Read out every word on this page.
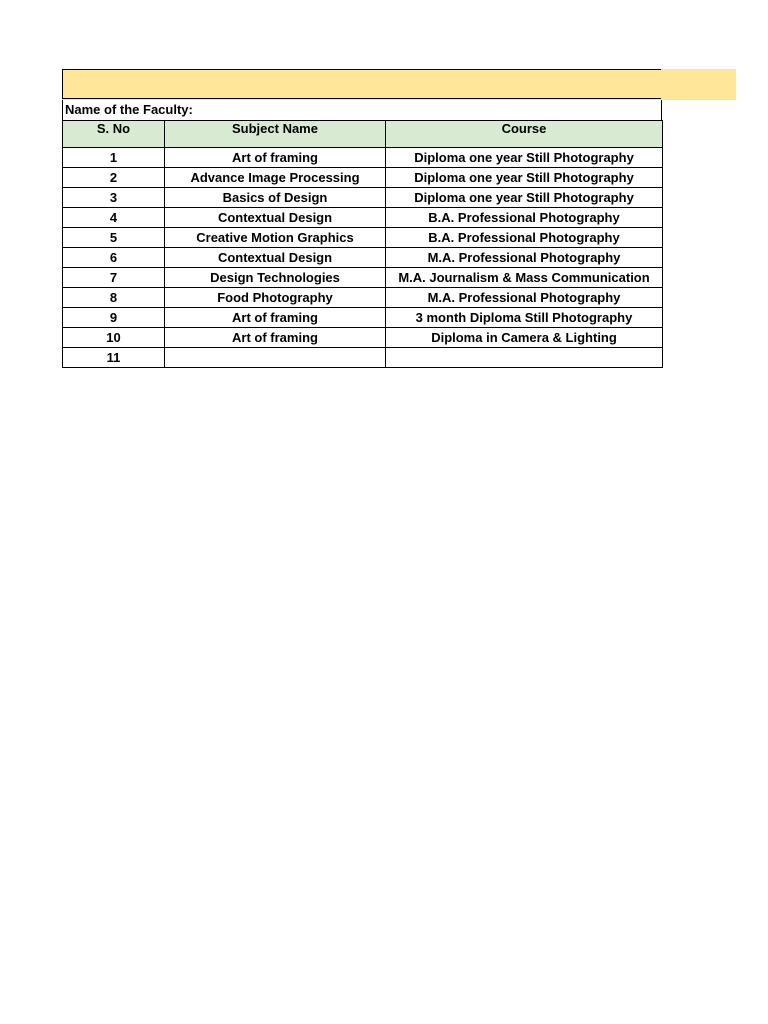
Name of the Faculty:
S. No	Subject Name	Course
1	Art of framing	Diploma one year Still Photography
2	Advance Image Processing	Diploma one year Still Photography
3	Basics of Design	Diploma one year Still Photography
4	Contextual Design	B.A. Professional Photography
5	Creative Motion Graphics	B.A. Professional Photography
6	Contextual Design	M.A. Professional Photography
7	Design Technologies	M.A. Journalism & Mass Communication
8	Food Photography	M.A. Professional Photography
9	Art of framing	3 month Diploma Still Photography
10	Art of framing	Diploma in Camera & Lighting
11		
